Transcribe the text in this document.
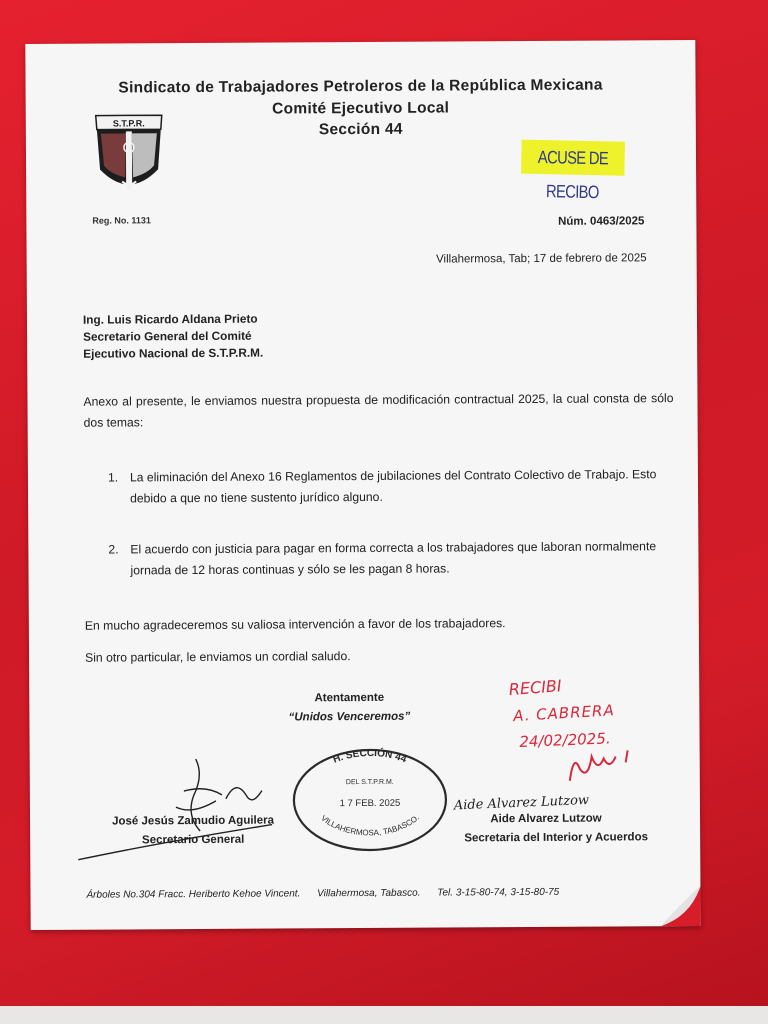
Sindicato de Trabajadores Petroleros de la República Mexicana
Comité Ejecutivo Local
Sección 44
S.T.P.R.
Reg. No. 1131
ACUSE DE RECIBO
Núm. 0463/2025
Villahermosa, Tab; 17 de febrero de 2025
Ing. Luis Ricardo Aldana Prieto
Secretario General del Comité
Ejecutivo Nacional de S.T.P.R.M.
Anexo al presente, le enviamos nuestra propuesta de modificación contractual 2025, la cual consta de sólo dos temas:
1. La eliminación del Anexo 16 Reglamentos de jubilaciones del Contrato Colectivo de Trabajo. Esto debido a que no tiene sustento jurídico alguno.
2. El acuerdo con justicia para pagar en forma correcta a los trabajadores que laboran normalmente jornada de 12 horas continuas y sólo se les pagan 8 horas.
En mucho agradeceremos su valiosa intervención a favor de los trabajadores.
Sin otro particular, le enviamos un cordial saludo.
Atentamente
“Unidos Venceremos”
RECIBI
A. CABRERA
24/02/2025.
H. SECCIÓN 44
DEL S.T.P.R.M.
1 7 FEB. 2025
VILLAHERMOSA, TABASCO.
José Jesús Zamudio Aguilera
Secretario General
Aide Alvarez Lutzow
Aide Alvarez Lutzow
Secretaria del Interior y Acuerdos
Árboles No.304 Fracc. Heriberto Kehoe Vincent. Villahermosa, Tabasco. Tel. 3-15-80-74, 3-15-80-75
